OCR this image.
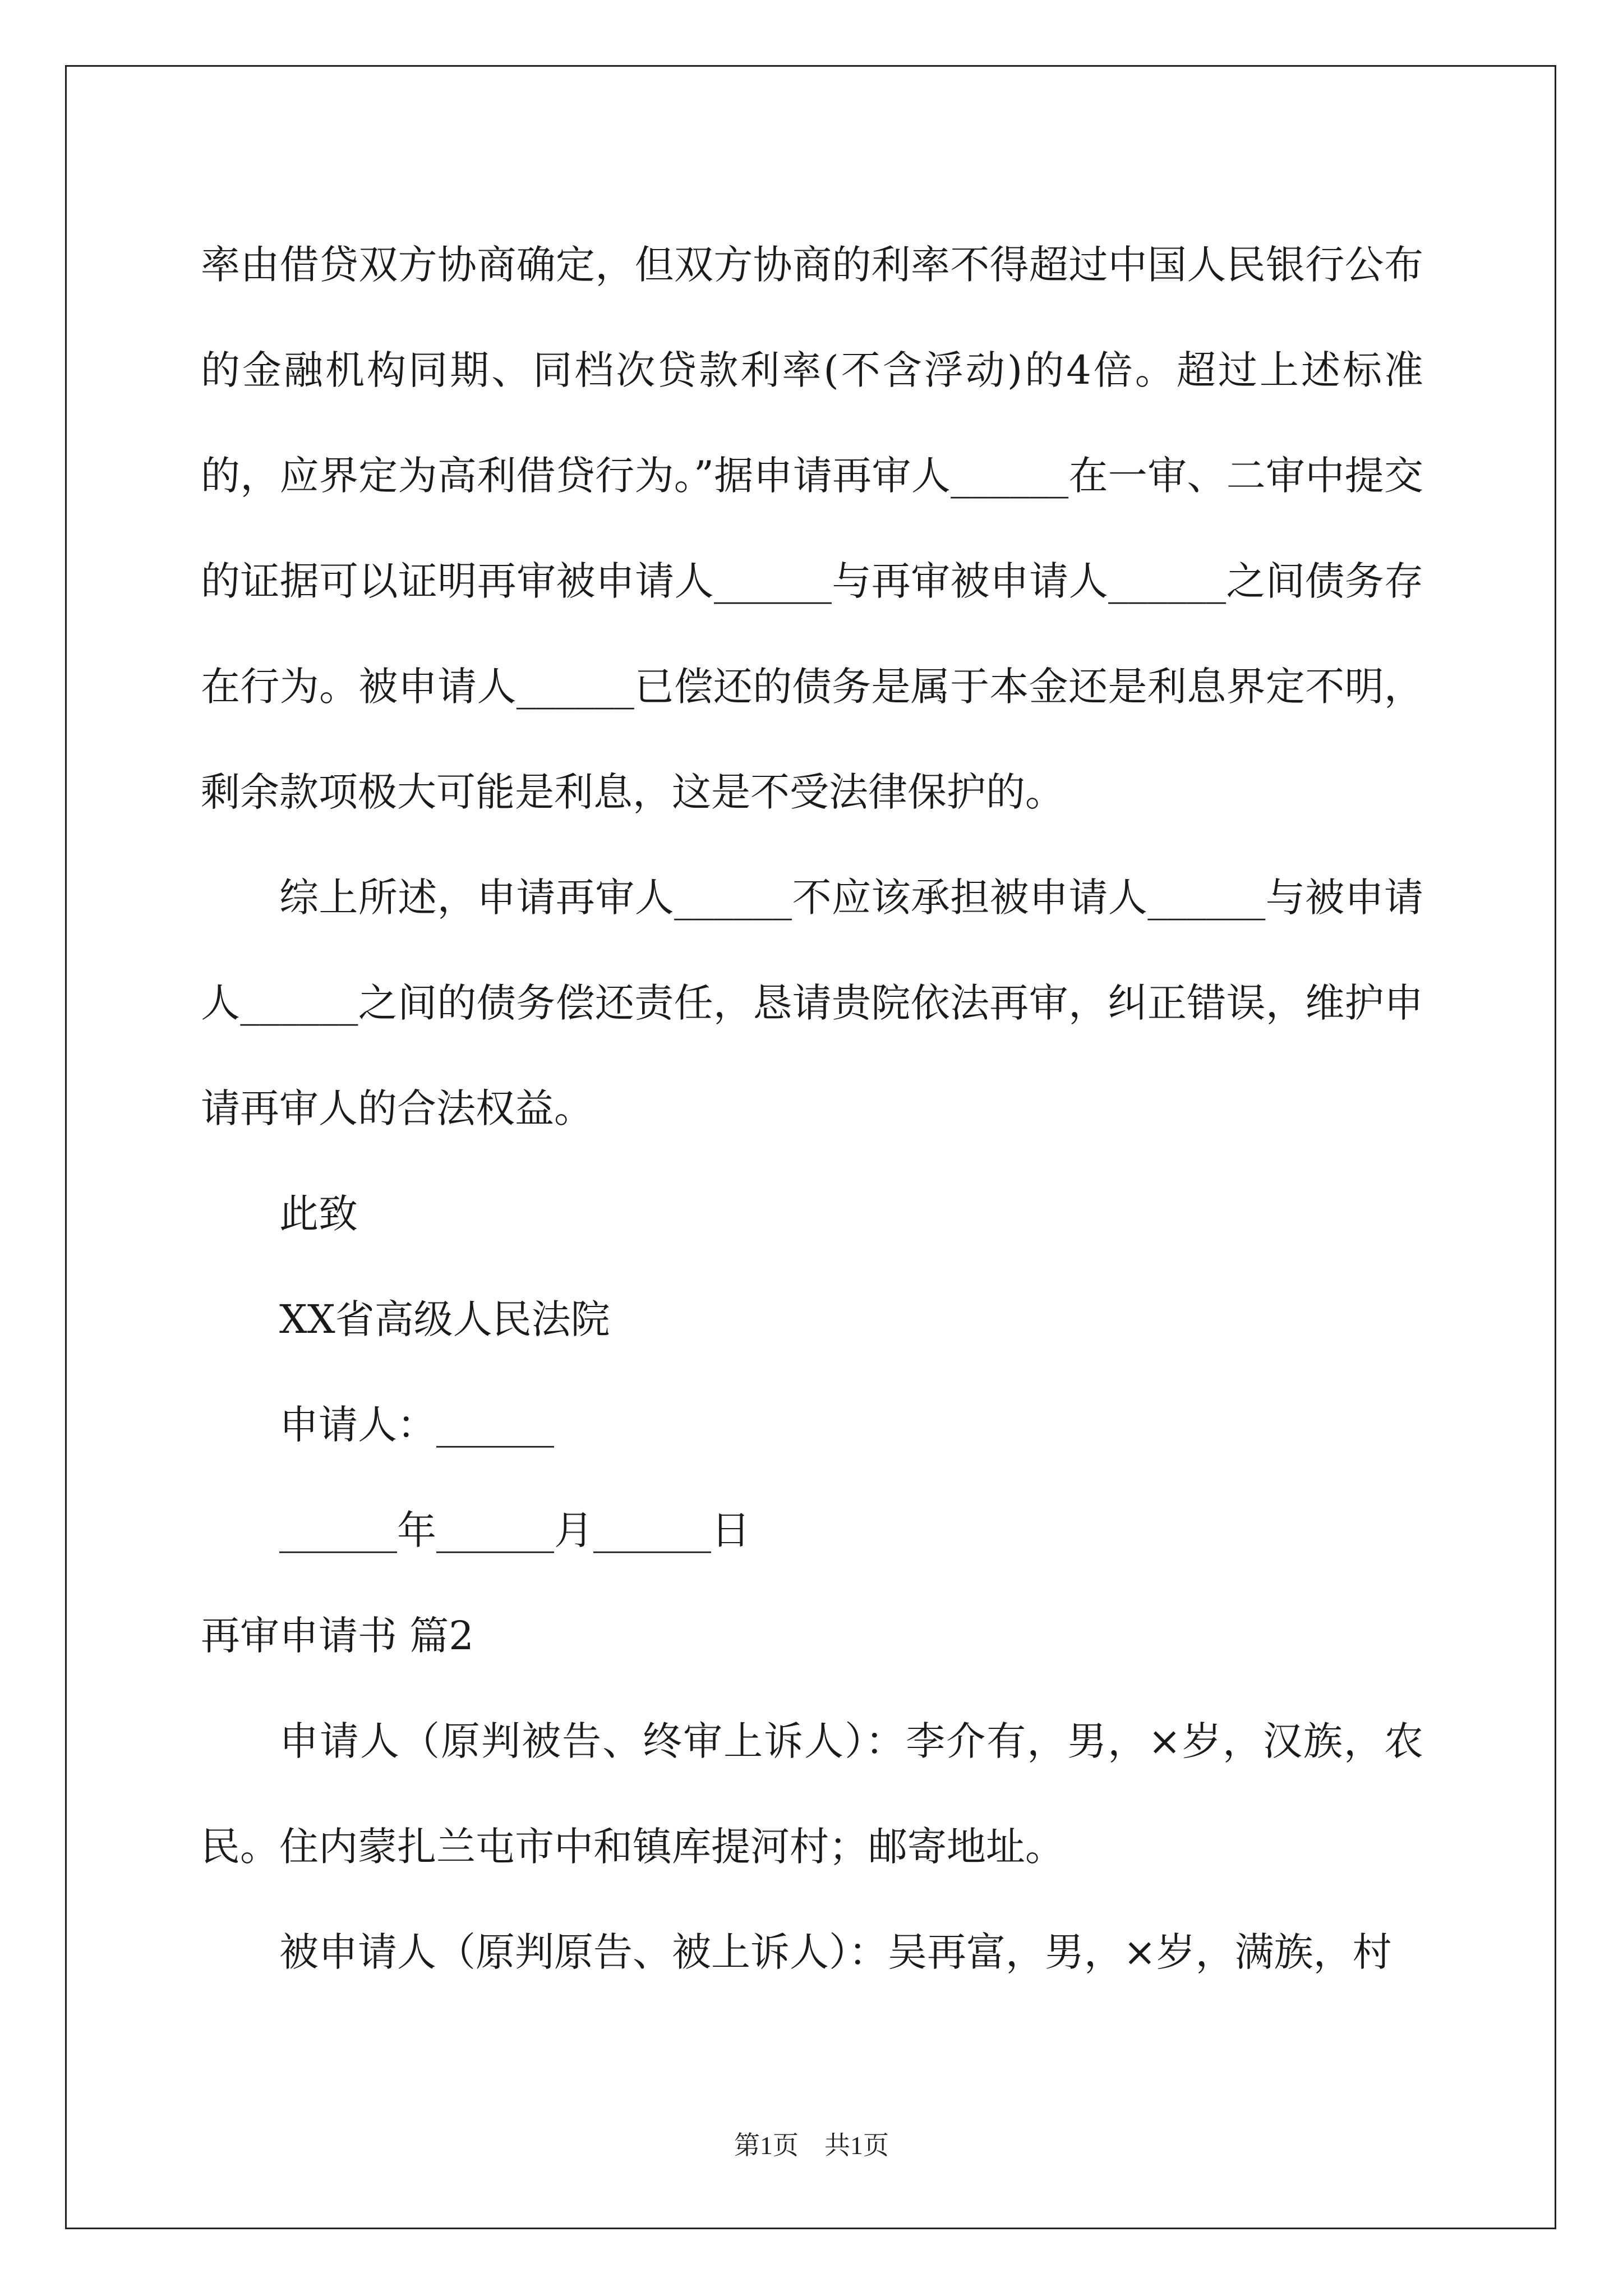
率由借贷双方协商确定，但双方协商的利率不得超过中国人民银行公布的金融机构同期、同档次贷款利率(不含浮动)的4倍。超过上述标准的，应界定为高利借贷行为。”据申请再审人______在一审、二审中提交的证据可以证明再审被申请人______与再审被申请人______之间债务存在行为。被申请人______已偿还的债务是属于本金还是利息界定不明，剩余款项极大可能是利息，这是不受法律保护的。

综上所述，申请再审人______不应该承担被申请人______与被申请人______之间的债务偿还责任，恳请贵院依法再审，纠正错误，维护申请再审人的合法权益。

此致

XX省高级人民法院

申请人：______

______年______月______日

再审申请书 篇2

申请人（原判被告、终审上诉人）：李介有，男，×岁，汉族，农民。住内蒙扎兰屯市中和镇库提河村；邮寄地址。

被申请人（原判原告、被上诉人）：吴再富，男，×岁，满族，村

第1页　共1页
